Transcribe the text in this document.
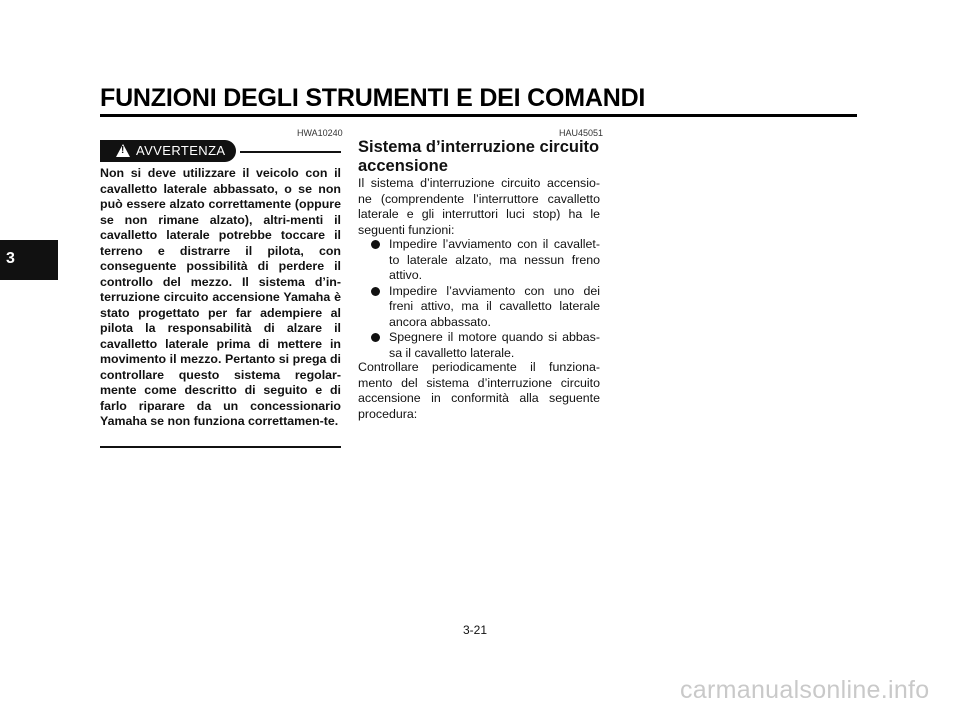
FUNZIONI DEGLI STRUMENTI E DEI COMANDI
3
HWA10240
! AVVERTENZA
Non si deve utilizzare il veicolo con il cavalletto laterale abbassato, o se non può essere alzato correttamente (oppure se non rimane alzato), altri-menti il cavalletto laterale potrebbe toccare il terreno e distrarre il pilota, con conseguente possibilità di perdere il controllo del mezzo. Il sistema d’in-terruzione circuito accensione Yamaha è stato progettato per far adempiere al pilota la responsabilità di alzare il cavalletto laterale prima di mettere in movimento il mezzo. Pertanto si prega di controllare questo sistema regolar-mente come descritto di seguito e di farlo riparare da un concessionario Yamaha se non funziona correttamen-te.
HAU45051
Sistema d’interruzione circuito accensione
Il sistema d’interruzione circuito accensio-ne (comprendente l’interruttore cavalletto laterale e gli interruttori luci stop) ha le seguenti funzioni:
Impedire l’avviamento con il cavallet-to laterale alzato, ma nessun freno attivo.
Impedire l’avviamento con uno dei freni attivo, ma il cavalletto laterale ancora abbassato.
Spegnere il motore quando si abbas-sa il cavalletto laterale.
Controllare periodicamente il funziona-mento del sistema d’interruzione circuito accensione in conformità alla seguente procedura:
3-21
carmanualsonline.info
